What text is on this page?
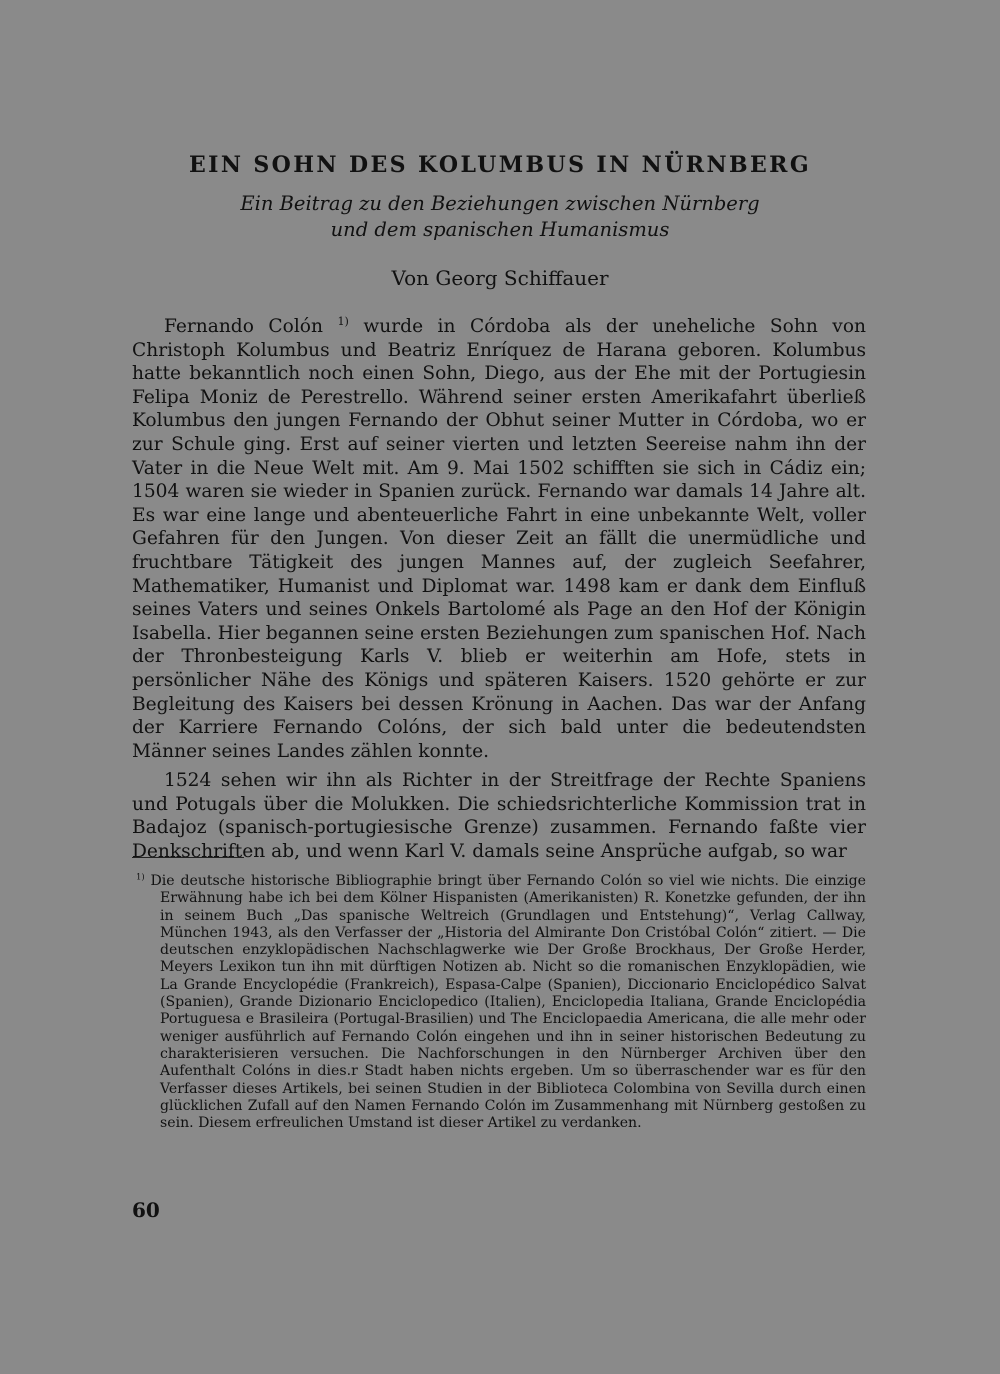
EIN SOHN DES KOLUMBUS IN NÜRNBERG

Ein Beitrag zu den Beziehungen zwischen Nürnberg

und dem spanischen Humanismus

Von Georg Schiffauer

Fernando Colón $^{1)}$ wurde in Córdoba als der uneheliche Sohn von Christoph Kolumbus und Beatriz Enríquez de Harana geboren. Kolumbus hatte bekanntlich noch einen Sohn, Diego, aus der Ehe mit der Portugiesin Felipa Moniz de Perestrello. Während seiner ersten Amerikafahrt überließ Kolumbus den jungen Fernando der Obhut seiner Mutter in Córdoba, wo er zur Schule ging. Erst auf seiner vierten und letzten Seereise nahm ihn der Vater in die Neue Welt mit. Am 9. Mai 1502 schifften sie sich in Cádiz ein; 1504 waren sie wieder in Spanien zurück. Fernando war damals 14 Jahre alt. Es war eine lange und abenteuerliche Fahrt in eine unbekannte Welt, voller Gefahren für den Jungen. Von dieser Zeit an fällt die unermüdliche und fruchtbare Tätigkeit des jungen Mannes auf, der zugleich Seefahrer, Mathematiker, Humanist und Diplomat war. 1498 kam er dank dem Einfluß seines Vaters und seines Onkels Bartolomé als Page an den Hof der Königin Isabella. Hier begannen seine ersten Beziehungen zum spanischen Hof. Nach der Thronbesteigung Karls V. blieb er weiterhin am Hofe, stets in persönlicher Nähe des Königs und späteren Kaisers. 1520 gehörte er zur Begleitung des Kaisers bei dessen Krönung in Aachen. Das war der Anfang der Karriere Fernando Colóns, der sich bald unter die bedeutendsten Männer seines Landes zählen konnte.

1524 sehen wir ihn als Richter in der Streitfrage der Rechte Spaniens und Potugals über die Molukken. Die schiedsrichterliche Kommission trat in Badajoz (spanisch-portugiesische Grenze) zusammen. Fernando faßte vier Denkschriften ab, und wenn Karl V. damals seine Ansprüche aufgab, so war

$^{1)}$ Die deutsche historische Bibliographie bringt über Fernando Colón so viel wie nichts. Die einzige Erwähnung habe ich bei dem Kölner Hispanisten (Amerikanisten) R. Konetzke gefunden, der ihn in seinem Buch „Das spanische Weltreich (Grundlagen und Entstehung)“, Verlag Callway, München 1943, als den Verfasser der „Historia del Almirante Don Cristóbal Colón“ zitiert. — Die deutschen enzyklopädischen Nachschlagwerke wie Der Große Brockhaus, Der Große Herder, Meyers Lexikon tun ihn mit dürftigen Notizen ab. Nicht so die romanischen Enzyklopädien, wie La Grande Encyclopédie (Frankreich), Espasa-Calpe (Spanien), Diccionario Enciclopédico Salvat (Spanien), Grande Dizionario Enciclopedico (Italien), Enciclopedia Italiana, Grande Enciclopédia Portuguesa e Brasileira (Portugal-Brasilien) und The Enciclopaedia Americana, die alle mehr oder weniger ausführlich auf Fernando Colón eingehen und ihn in seiner historischen Bedeutung zu charakterisieren versuchen. Die Nachforschungen in den Nürnberger Archiven über den Aufenthalt Colóns in dies.r Stadt haben nichts ergeben. Um so überraschender war es für den Verfasser dieses Artikels, bei seinen Studien in der Biblioteca Colombina von Sevilla durch einen glücklichen Zufall auf den Namen Fernando Colón im Zusammenhang mit Nürnberg gestoßen zu sein. Diesem erfreulichen Umstand ist dieser Artikel zu verdanken.

60
